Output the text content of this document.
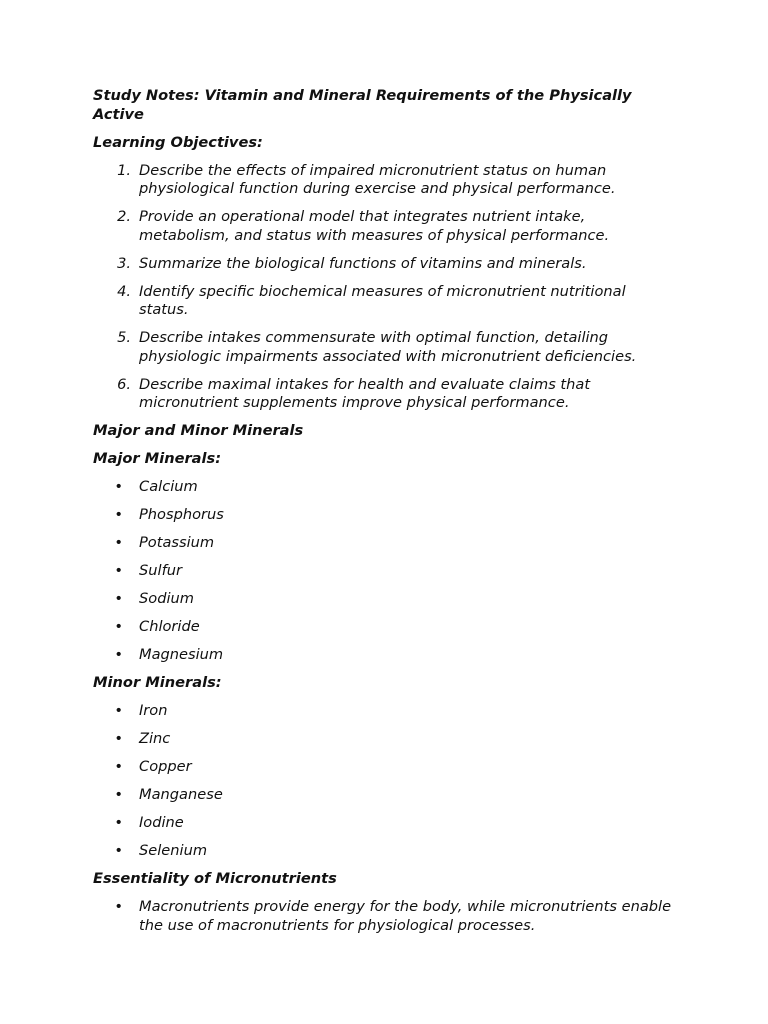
Study Notes: Vitamin and Mineral Requirements of the Physically Active
Learning Objectives:
1. Describe the effects of impaired micronutrient status on human physiological function during exercise and physical performance.
2. Provide an operational model that integrates nutrient intake, metabolism, and status with measures of physical performance.
3. Summarize the biological functions of vitamins and minerals.
4. Identify specific biochemical measures of micronutrient nutritional status.
5. Describe intakes commensurate with optimal function, detailing physiologic impairments associated with micronutrient deficiencies.
6. Describe maximal intakes for health and evaluate claims that micronutrient supplements improve physical performance.
Major and Minor Minerals
Major Minerals:
• Calcium
• Phosphorus
• Potassium
• Sulfur
• Sodium
• Chloride
• Magnesium
Minor Minerals:
• Iron
• Zinc
• Copper
• Manganese
• Iodine
• Selenium
Essentiality of Micronutrients
• Macronutrients provide energy for the body, while micronutrients enable the use of macronutrients for physiological processes.
